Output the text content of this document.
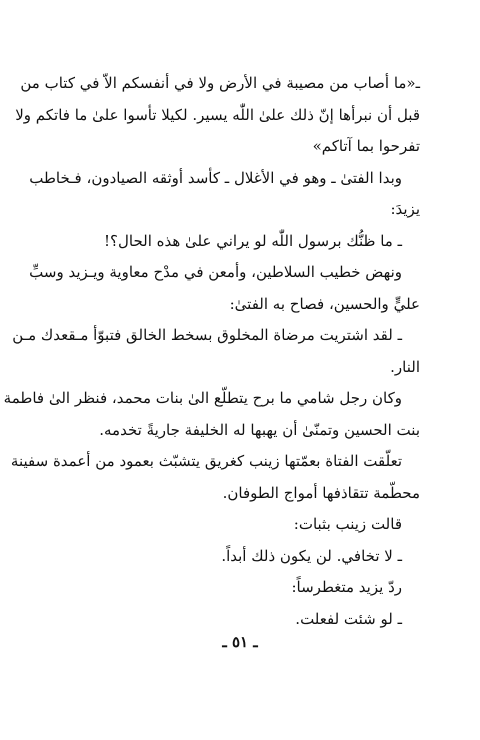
ـ«ما أصاب من مصيبة في الأرض ولا في أنفسكم الاّ في كتاب من
قبل أن نبرأها إنّ ذلك علىٰ اللّٰه يسير. لكيلا تأسوا علىٰ ما فاتكم ولا
تفرحوا بما آتاكم»
وبدا الفتىٰ ـ وهو في الأغلال ـ كأسد أوثقه الصيادون، فـخاطب
يزيدَ:
ـ ما ظنُّك برسول اللّٰه لو يراني علىٰ هذه الحال؟!
ونهض خطيب السلاطين، وأمعن في مدْح معاوية ويـزيد وسبِّ
عليٍّ والحسين، فصاح به الفتىٰ:
ـ لقد اشتريت مرضاة المخلوق بسخط الخالق فتبوّأ مـقعدك مـن
النار.
وكان رجل شامي ما برح يتطلّع الىٰ بنات محمد، فنظر الىٰ فاطمة
بنت الحسين وتمنّىٰ أن يهبها له الخليفة جاريةً تخدمه.
تعلّقت الفتاة بعمّتها زينب كغريق يتشبّث بعمود من أعمدة سفينة
محطّمة تتقاذفها أمواج الطوفان.
قالت زينب بثبات:
ـ لا تخافي. لن يكون ذلك أبداً.
ردّ يزيد متغطرساً:
ـ لو شئت لفعلت.
ـ ٥١ ـ
